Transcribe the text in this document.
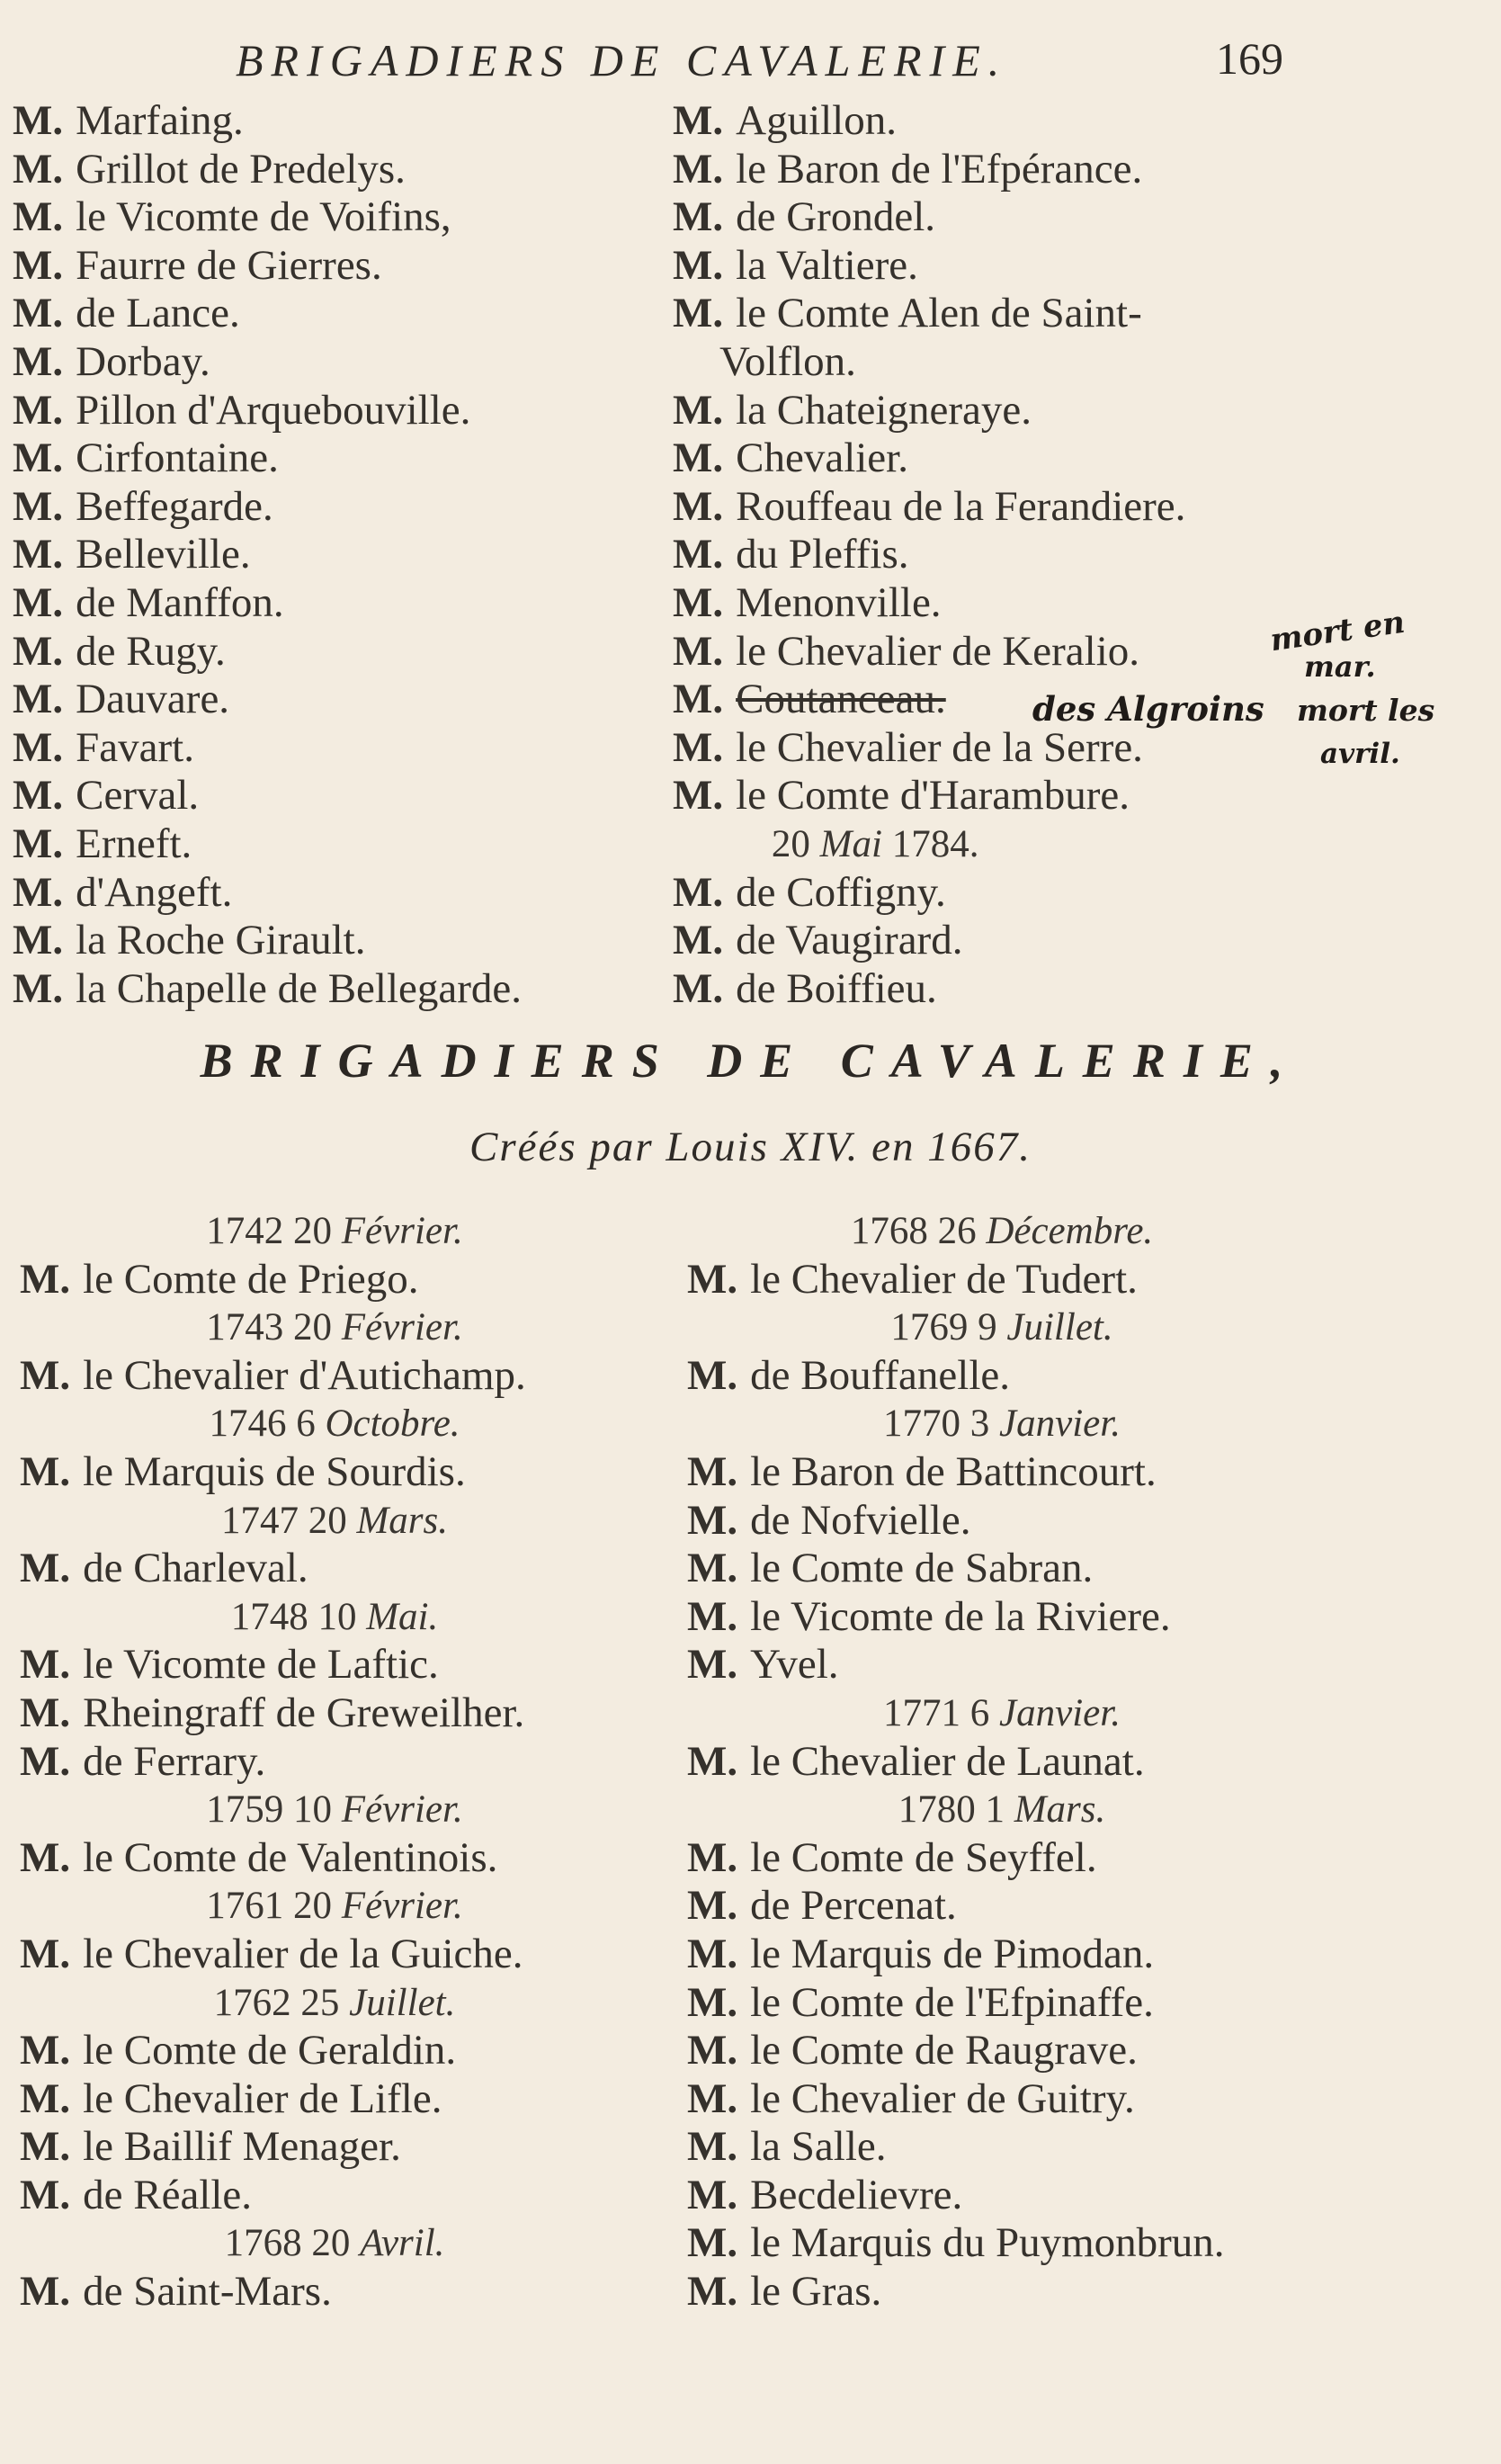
BRIGADIERS DE CAVALERIE.	169
M. Marfaing.
M. Grillot de Predelys.
M. le Vicomte de Voifins,
M. Faurre de Gierres.
M. de Lance.
M. Dorbay.
M. Pillon d'Arquebouville.
M. Cirfontaine.
M. Beffegarde.
M. Belleville.
M. de Manffon.
M. de Rugy.
M. Dauvare.
M. Favart.
M. Cerval.
M. Erneft.
M. d'Angeft.
M. la Roche Girault.
M. la Chapelle de Bellegarde.
M. Aguillon.
M. le Baron de l'Efpérance.
M. de Grondel.
M. la Valtiere.
M. le Comte Alen de Saint-
Volflon.
M. la Chateigneraye.
M. Chevalier.
M. Rouffeau de la Ferandiere.
M. du Pleffis.
M. Menonville.
M. le Chevalier de Keralio.
M. Coutanceau.
M. le Chevalier de la Serre.
M. le Comte d'Harambure.
20 Mai 1784.
M. de Coffigny.
M. de Vaugirard.
M. de Boiffieu.
mort en
mar.
des Algroins mort les
avril.
BRIGADIERS DE CAVALERIE,
Créés par Louis XIV. en 1667.
1742 20 Février.
M. le Comte de Priego.
1743 20 Février.
M. le Chevalier d'Autichamp.
1746 6 Octobre.
M. le Marquis de Sourdis.
1747 20 Mars.
M. de Charleval.
1748 10 Mai.
M. le Vicomte de Laftic.
M. Rheingraff de Greweilher.
M. de Ferrary.
1759 10 Février.
M. le Comte de Valentinois.
1761 20 Février.
M. le Chevalier de la Guiche.
1762 25 Juillet.
M. le Comte de Geraldin.
M. le Chevalier de Lifle.
M. le Baillif Menager.
M. de Réalle.
1768 20 Avril.
M. de Saint-Mars.
1768 26 Décembre.
M. le Chevalier de Tudert.
1769 9 Juillet.
M. de Bouffanelle.
1770 3 Janvier.
M. le Baron de Battincourt.
M. de Nofvielle.
M. le Comte de Sabran.
M. le Vicomte de la Riviere.
M. Yvel.
1771 6 Janvier.
M. le Chevalier de Launat.
1780 1 Mars.
M. le Comte de Seyffel.
M. de Percenat.
M. le Marquis de Pimodan.
M. le Comte de l'Efpinaffe.
M. le Comte de Raugrave.
M. le Chevalier de Guitry.
M. la Salle.
M. Becdelievre.
M. le Marquis du Puymonbrun.
M. le Gras.
